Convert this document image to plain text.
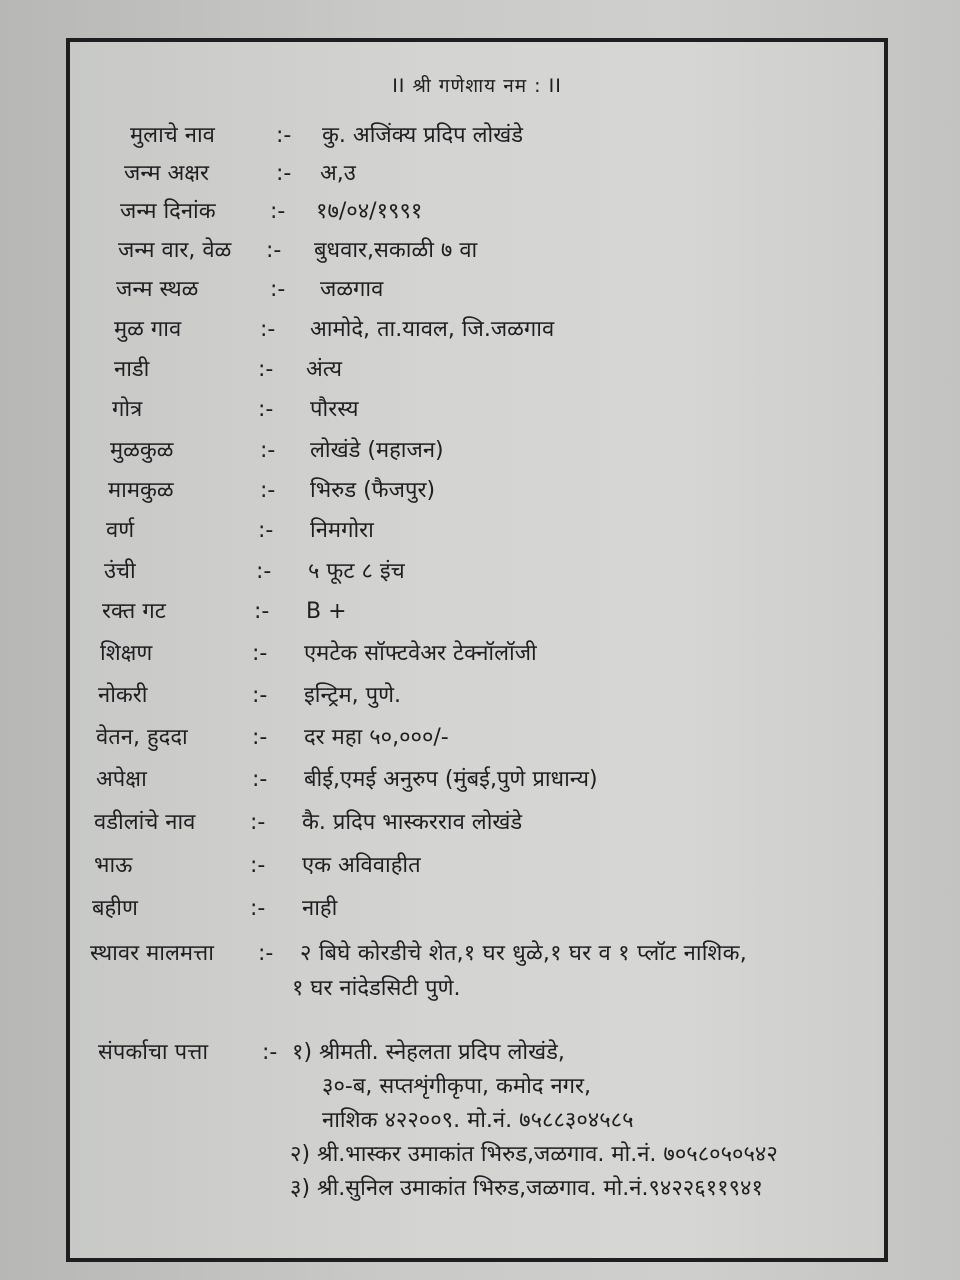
II श्री गणेशाय नम : II
मुलाचे नाव	:- कु. अजिंक्य प्रदिप लोखंडे
जन्म अक्षर	:- अ,उ
जन्म दिनांक :- १७/०४/१९९१
जन्म वार, वेळ :- बुधवार,सकाळी ७ वा
जन्म स्थळ	:- जळगाव
मुळ गाव	:- आमोदे, ता.यावल, जि.जळगाव
नाडी	:- अंत्य
गोत्र	:- पौरस्य
मुळकुळ	:- लोखंडे (महाजन)
मामकुळ	:- भिरुड (फैजपुर)
वर्ण	:- निमगोरा
उंची	:- ५ फूट ८ इंच
रक्त गट	:- B +
शिक्षण	:- एमटेक सॉफ्टवेअर टेक्नॉलॉजी
नोकरी	:- इन्ट्रिम, पुणे.
वेतन, हुददा	:- दर महा ५०,०००/-
अपेक्षा	:- बीई,एमई अनुरुप (मुंबई,पुणे प्राधान्य)
वडीलांचे नाव :- कै. प्रदिप भास्करराव लोखंडे
भाऊ	:- एक अविवाहीत
बहीण	:- नाही
स्थावर मालमत्ता :- २ बिघे कोरडीचे शेत,१ घर धुळे,१ घर व १ प्लॉट नाशिक,
१ घर नांदेडसिटी पुणे.
संपर्काचा पत्ता :- १) श्रीमती. स्नेहलता प्रदिप लोखंडे,
३०-ब, सप्तशृंगीकृपा, कमोद नगर,
नाशिक ४२२००९. मो.नं. ७५८८३०४५८५
२) श्री.भास्कर उमाकांत भिरुड,जळगाव. मो.नं. ७०५८०५०५४२
३) श्री.सुनिल उमाकांत भिरुड,जळगाव. मो.नं.९४२२६११९४१
